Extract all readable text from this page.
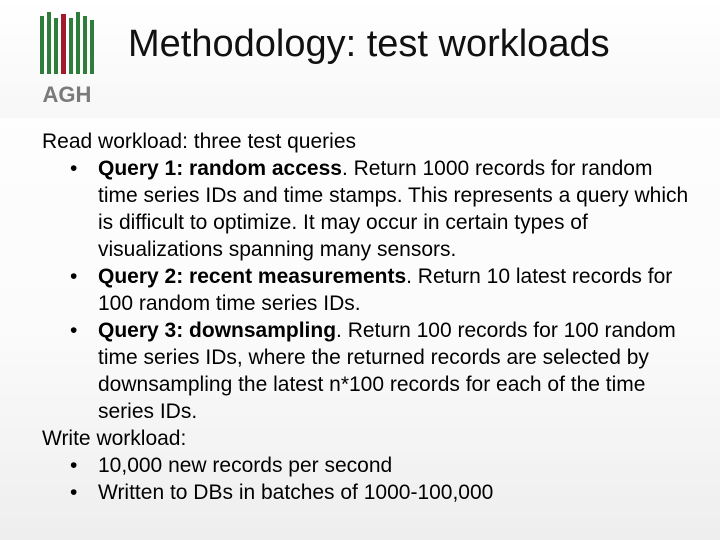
AGH
Methodology: test workloads

Read workload: three test queries

• Query 1: random access. Return 1000 records for random time series IDs and time stamps. This represents a query which is difficult to optimize. It may occur in certain types of visualizations spanning many sensors.

• Query 2: recent measurements. Return 10 latest records for 100 random time series IDs.

• Query 3: downsampling. Return 100 records for 100 random time series IDs, where the returned records are selected by downsampling the latest n*100 records for each of the time series IDs.

Write workload:

• 10,000 new records per second

• Written to DBs in batches of 1000-100,000
